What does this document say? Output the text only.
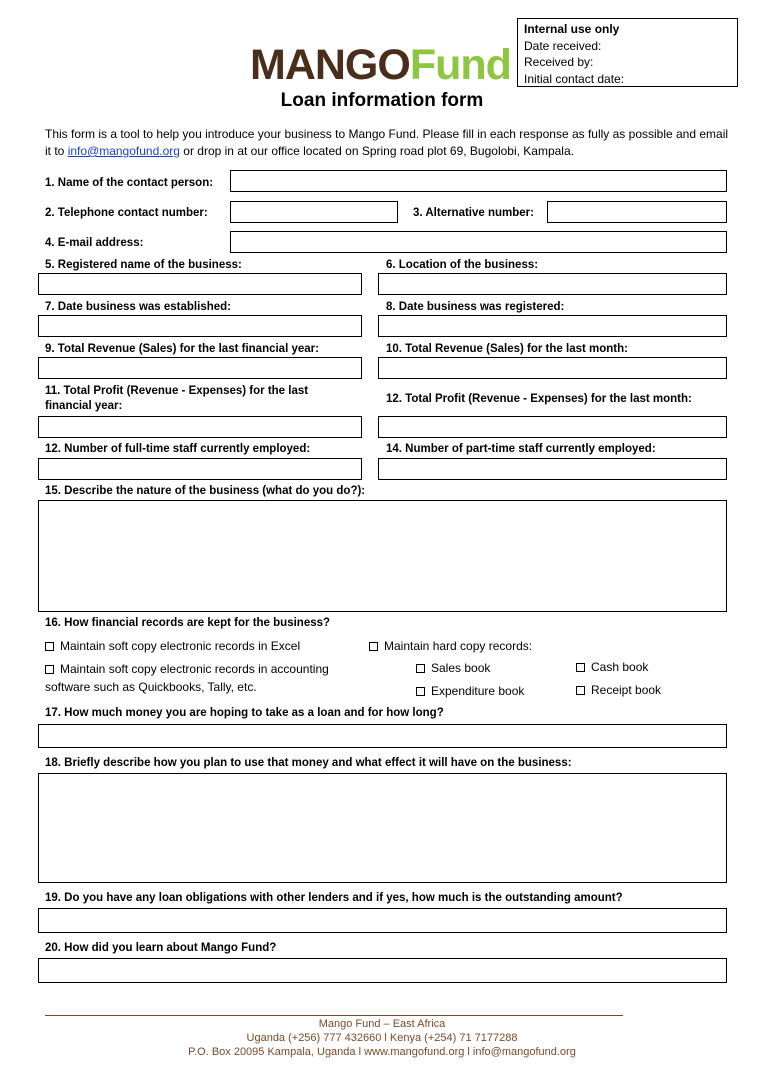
Internal use only
Date received:
Received by:
Initial contact date:
MANGOFund
Loan information form
This form is a tool to help you introduce your business to Mango Fund. Please fill in each response as fully as possible and email it to info@mangofund.org or drop in at our office located on Spring road plot 69, Bugolobi, Kampala.
1. Name of the contact person:
2. Telephone contact number:	3. Alternative number:
4. E-mail address:
5. Registered name of the business:	6. Location of the business:
7. Date business was established:	8. Date business was registered:
9. Total Revenue (Sales) for the last financial year:	10. Total Revenue (Sales) for the last month:
11. Total Profit (Revenue - Expenses) for the last financial year:
12. Total Profit (Revenue - Expenses) for the last month:
12. Number of full-time staff currently employed:	14. Number of part-time staff currently employed:
15. Describe the nature of the business (what do you do?):
16. How financial records are kept for the business?
Maintain soft copy electronic records in Excel	Maintain hard copy records:
Maintain soft copy electronic records in accounting software such as Quickbooks, Tally, etc.
Sales book	Cash book
Expenditure book	Receipt book
17. How much money you are hoping to take as a loan and for how long?
18. Briefly describe how you plan to use that money and what effect it will have on the business:
19. Do you have any loan obligations with other lenders and if yes, how much is the outstanding amount?
20. How did you learn about Mango Fund?
Mango Fund – East Africa
Uganda (+256) 777 432660 l Kenya (+254) 71 7177288
P.O. Box 20095 Kampala, Uganda l www.mangofund.org l info@mangofund.org
